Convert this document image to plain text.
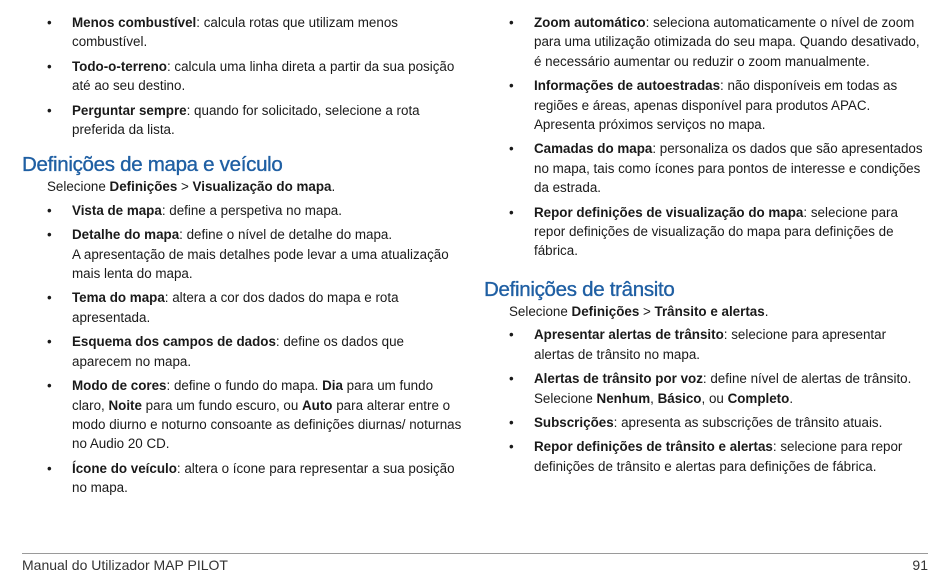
• Menos combustível: calcula rotas que utilizam menos combustível.
• Todo-o-terreno: calcula uma linha direta a partir da sua posição até ao seu destino.
• Perguntar sempre: quando for solicitado, selecione a rota preferida da lista.
Definições de mapa e veículo

Selecione Definições > Visualização do mapa.

• Vista de mapa: define a perspetiva no mapa.
• Detalhe do mapa: define o nível de detalhe do mapa.
A apresentação de mais detalhes pode levar a uma atualização mais lenta do mapa.
• Tema do mapa: altera a cor dos dados do mapa e rota apresentada.
• Esquema dos campos de dados: define os dados que aparecem no mapa.
• Modo de cores: define o fundo do mapa. Dia para um fundo claro, Noite para um fundo escuro, ou Auto para alterar entre o modo diurno e noturno consoante as definições diurnas/ noturnas no Audio 20 CD.
• Ícone do veículo: altera o ícone para representar a sua posição no mapa.
• Zoom automático: seleciona automaticamente o nível de zoom para uma utilização otimizada do seu mapa. Quando desativado, é necessário aumentar ou reduzir o zoom manualmente.
• Informações de autoestradas: não disponíveis em todas as regiões e áreas, apenas disponível para produtos APAC. Apresenta próximos serviços no mapa.
• Camadas do mapa: personaliza os dados que são apresentados no mapa, tais como ícones para pontos de interesse e condições da estrada.
• Repor definições de visualização do mapa: selecione para repor definições de visualização do mapa para definições de fábrica.
Definições de trânsito

Selecione Definições > Trânsito e alertas.

• Apresentar alertas de trânsito: selecione para apresentar alertas de trânsito no mapa.
• Alertas de trânsito por voz: define nível de alertas de trânsito. Selecione Nenhum, Básico, ou Completo.
• Subscrições: apresenta as subscrições de trânsito atuais.
• Repor definições de trânsito e alertas: selecione para repor definições de trânsito e alertas para definições de fábrica.
Manual do Utilizador MAP PILOT	91
